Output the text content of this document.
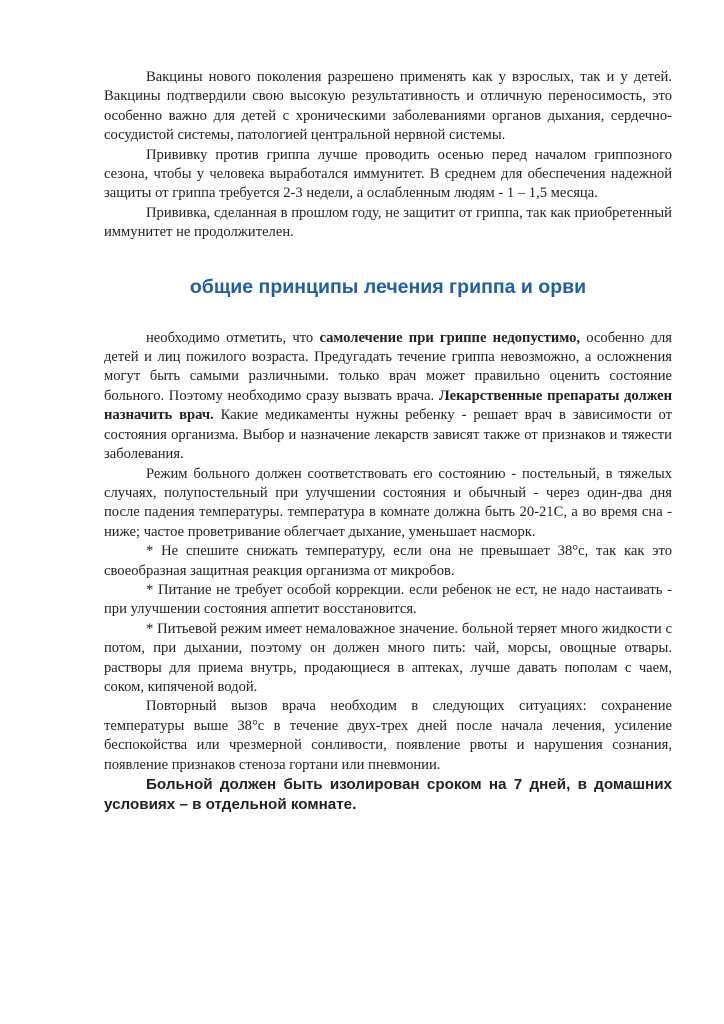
Вакцины нового поколения разрешено применять как у взрослых, так и у детей. Вакцины подтвердили свою высокую результативность и отличную переносимость, это особенно важно для детей с хроническими заболеваниями органов дыхания, сердечно-сосудистой системы, патологией центральной нервной системы.

Прививку против гриппа лучше проводить осенью перед началом гриппозного сезона, чтобы у человека выработался иммунитет. В среднем для обеспечения надежной защиты от гриппа требуется 2-3 недели, а ослабленным людям - 1 – 1,5 месяца.

Прививка, сделанная в прошлом году, не защитит от гриппа, так как приобретенный иммунитет не продолжителен.

общие принципы лечения гриппа и орви

необходимо отметить, что самолечение при гриппе недопустимо, особенно для детей и лиц пожилого возраста. Предугадать течение гриппа невозможно, а осложнения могут быть самыми различными. только врач может правильно оценить состояние больного. Поэтому необходимо сразу вызвать врача. Лекарственные препараты должен назначить врач. Какие медикаменты нужны ребенку - решает врач в зависимости от состояния организма. Выбор и назначение лекарств зависят также от признаков и тяжести заболевания.

Режим больного должен соответствовать его состоянию - постельный, в тяжелых случаях, полупостельный при улучшении состояния и обычный - через один-два дня после падения температуры. температура в комнате должна быть 20-21С, а во время сна - ниже; частое проветривание облегчает дыхание, уменьшает насморк.

* Не спешите снижать температуру, если она не превышает 38°с, так как это своеобразная защитная реакция организма от микробов.

* Питание не требует особой коррекции. если ребенок не ест, не надо настаивать - при улучшении состояния аппетит восстановится.

* Питьевой режим имеет немаловажное значение. больной теряет много жидкости с потом, при дыхании, поэтому он должен много пить: чай, морсы, овощные отвары. растворы для приема внутрь, продающиеся в аптеках, лучше давать пополам с чаем, соком, кипяченой водой.

Повторный вызов врача необходим в следующих ситуациях: сохранение температуры выше 38°с в течение двух-трех дней после начала лечения, усиление беспокойства или чрезмерной сонливости, появление рвоты и нарушения сознания, появление признаков стеноза гортани или пневмонии.

Больной должен быть изолирован сроком на 7 дней, в домашних условиях – в отдельной комнате.
